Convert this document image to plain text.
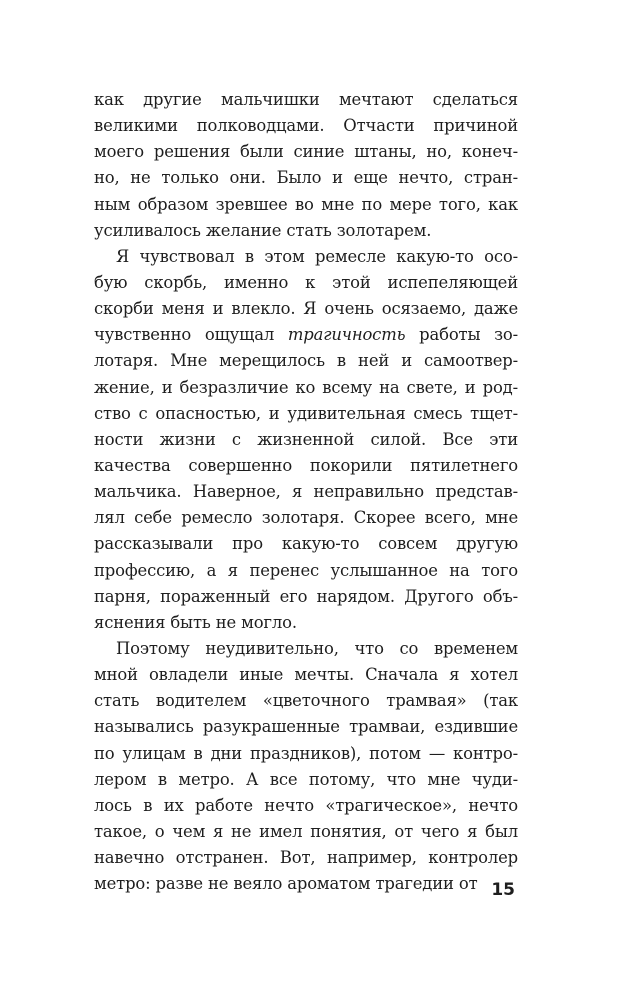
как другие мальчишки мечтают сделаться
великими полководцами. Отчасти причиной
моего решения были синие штаны, но, конеч-
но, не только они. Было и еще нечто, стран-
ным образом зревшее во мне по мере того, как
усиливалось желание стать золотарем.
Я чувствовал в этом ремесле какую-то осо-
бую скорбь, именно к этой испепеляющей
скорби меня и влекло. Я очень осязаемо, даже
чувственно ощущал трагичность работы зо-
лотаря. Мне мерещилось в ней и самоотвер-
жение, и безразличие ко всему на свете, и род-
ство с опасностью, и удивительная смесь тщет-
ности жизни с жизненной силой. Все эти
качества совершенно покорили пятилетнего
мальчика. Наверное, я неправильно представ-
лял себе ремесло золотаря. Скорее всего, мне
рассказывали про какую-то совсем другую
профессию, а я перенес услышанное на того
парня, пораженный его нарядом. Другого объ-
яснения быть не могло.
Поэтому неудивительно, что со временем
мной овладели иные мечты. Сначала я хотел
стать водителем «цветочного трамвая» (так
назывались разукрашенные трамваи, ездившие
по улицам в дни праздников), потом — контро-
лером в метро. А все потому, что мне чуди-
лось в их работе нечто «трагическое», нечто
такое, о чем я не имел понятия, от чего я был
навечно отстранен. Вот, например, контролер
метро: разве не веяло ароматом трагедии от 15
